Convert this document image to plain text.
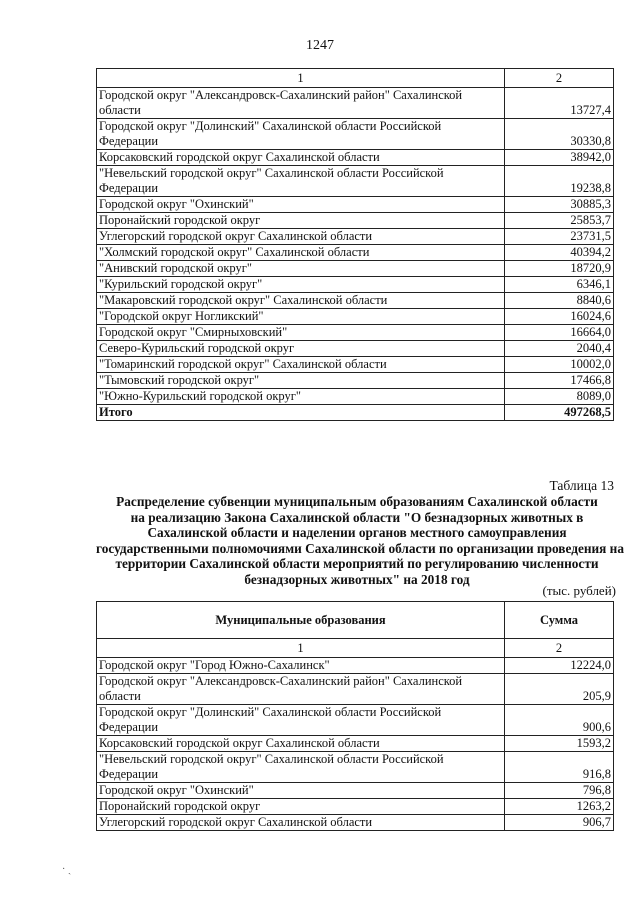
1247
1	2
Городской округ "Александровск-Сахалинский район" Сахалинской области	13727,4
Городской округ "Долинский" Сахалинской области Российской Федерации	30330,8
Корсаковский городской округ Сахалинской области	38942,0
"Невельский городской округ" Сахалинской области Российской Федерации	19238,8
Городской округ "Охинский"	30885,3
Поронайский городской округ	25853,7
Углегорский городской округ Сахалинской области	23731,5
"Холмский городской округ" Сахалинской области	40394,2
"Анивский городской округ"	18720,9
"Курильский городской округ"	6346,1
"Макаровский городской округ" Сахалинской области	8840,6
"Городской округ Ногликский"	16024,6
Городской округ "Смирныховский"	16664,0
Северо-Курильский городской округ	2040,4
"Томаринский городской округ" Сахалинской области	10002,0
"Тымовский городской округ"	17466,8
"Южно-Курильский городской округ"	8089,0
Итого	497268,5
Таблица 13
Распределение субвенции муниципальным образованиям Сахалинской области
на реализацию Закона Сахалинской области "О безнадзорных животных в
Сахалинской области и наделении органов местного самоуправления
государственными полномочиями Сахалинской области по организации проведения на
территории Сахалинской области мероприятий по регулированию численности
безнадзорных животных" на 2018 год
(тыс. рублей)
Муниципальные образования	Сумма
1	2
Городской округ "Город Южно-Сахалинск"	12224,0
Городской округ "Александровск-Сахалинский район" Сахалинской области	205,9
Городской округ "Долинский" Сахалинской области Российской Федерации	900,6
Корсаковский городской округ Сахалинской области	1593,2
"Невельский городской округ" Сахалинской области Российской Федерации	916,8
Городской округ "Охинский"	796,8
Поронайский городской округ	1263,2
Углегорский городской округ Сахалинской области	906,7
· ˎ
